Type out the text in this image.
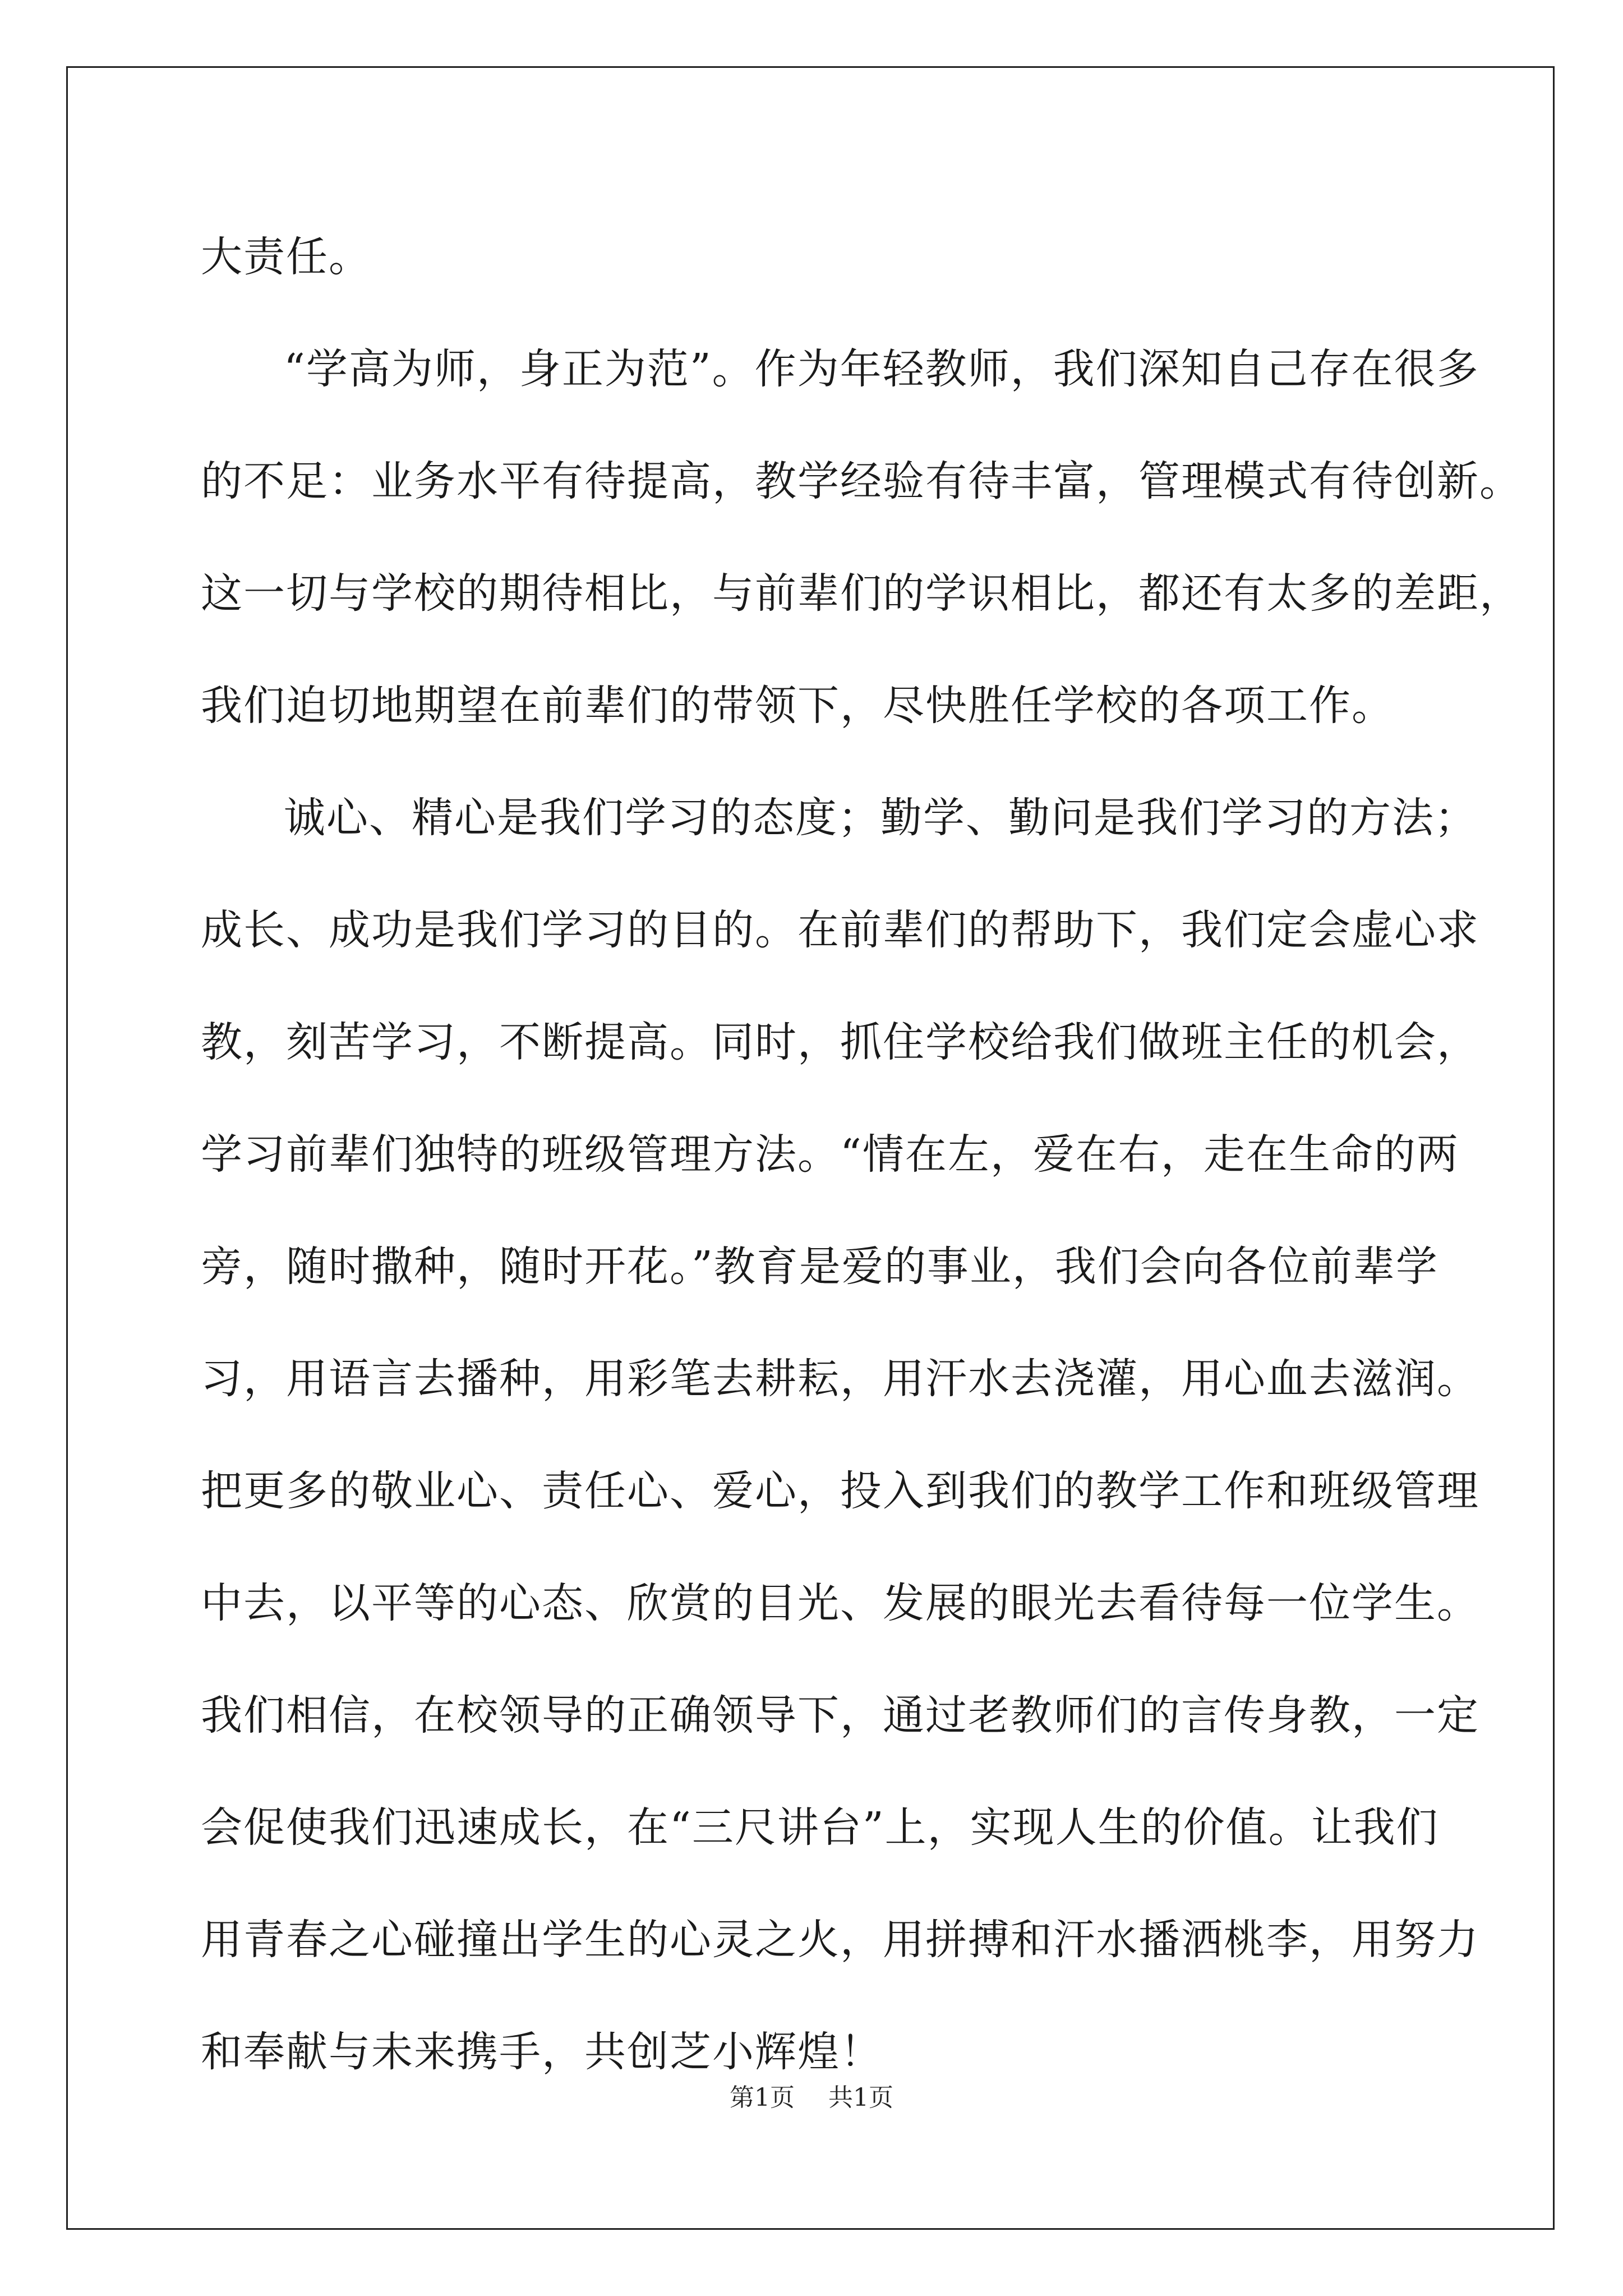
大责任。
“学高为师，身正为范”。作为年轻教师，我们深知自己存在很多
的不足：业务水平有待提高，教学经验有待丰富，管理模式有待创新。
这一切与学校的期待相比，与前辈们的学识相比，都还有太多的差距，
我们迫切地期望在前辈们的带领下，尽快胜任学校的各项工作。
诚心、精心是我们学习的态度；勤学、勤问是我们学习的方法；
成长、成功是我们学习的目的。在前辈们的帮助下，我们定会虚心求
教，刻苦学习，不断提高。同时，抓住学校给我们做班主任的机会，
学习前辈们独特的班级管理方法。“情在左，爱在右，走在生命的两
旁，随时撒种，随时开花。”教育是爱的事业，我们会向各位前辈学
习，用语言去播种，用彩笔去耕耘，用汗水去浇灌，用心血去滋润。
把更多的敬业心、责任心、爱心，投入到我们的教学工作和班级管理
中去，以平等的心态、欣赏的目光、发展的眼光去看待每一位学生。
我们相信，在校领导的正确领导下，通过老教师们的言传身教，一定
会促使我们迅速成长，在“三尺讲台”上，实现人生的价值。让我们
用青春之心碰撞出学生的心灵之火，用拼搏和汗水播洒桃李，用努力
和奉献与未来携手，共创芝小辉煌！
第1页 共1页
